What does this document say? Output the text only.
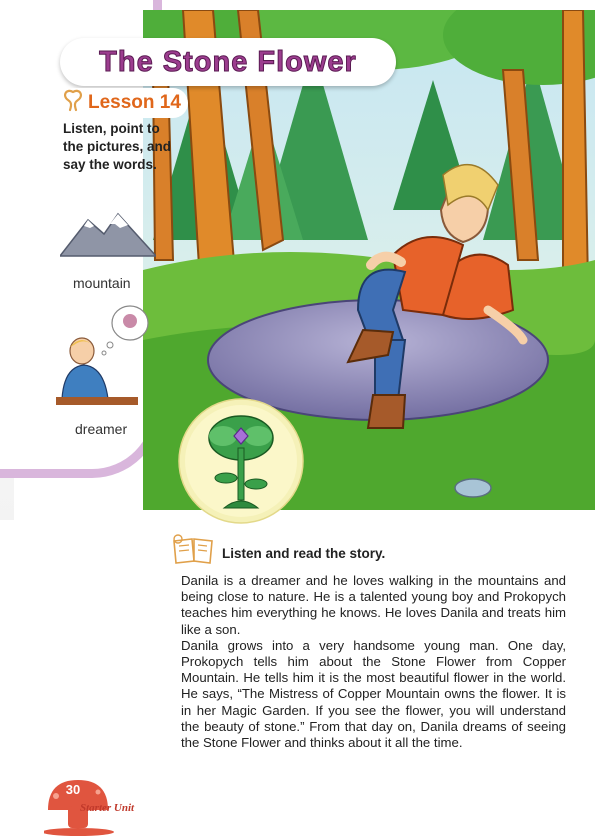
The Stone Flower
Lesson 14
Listen, point to the pictures, and say the words.
mountain
dreamer
Listen and read the story.

Danila is a dreamer and he loves walking in the mountains and being close to nature. He is a talented young boy and Prokopych teaches him everything he knows. He loves Danila and treats him like a son.

Danila grows into a very handsome young man. One day, Prokopych tells him about the Stone Flower from Copper Mountain. He tells him it is the most beautiful flower in the world. He says, “The Mistress of Copper Mountain owns the flower. It is in her Magic Garden. If you see the flower, you will understand the beauty of stone.” From that day on, Danila dreams of seeing the Stone Flower and thinks about it all the time.

30
Starter Unit
